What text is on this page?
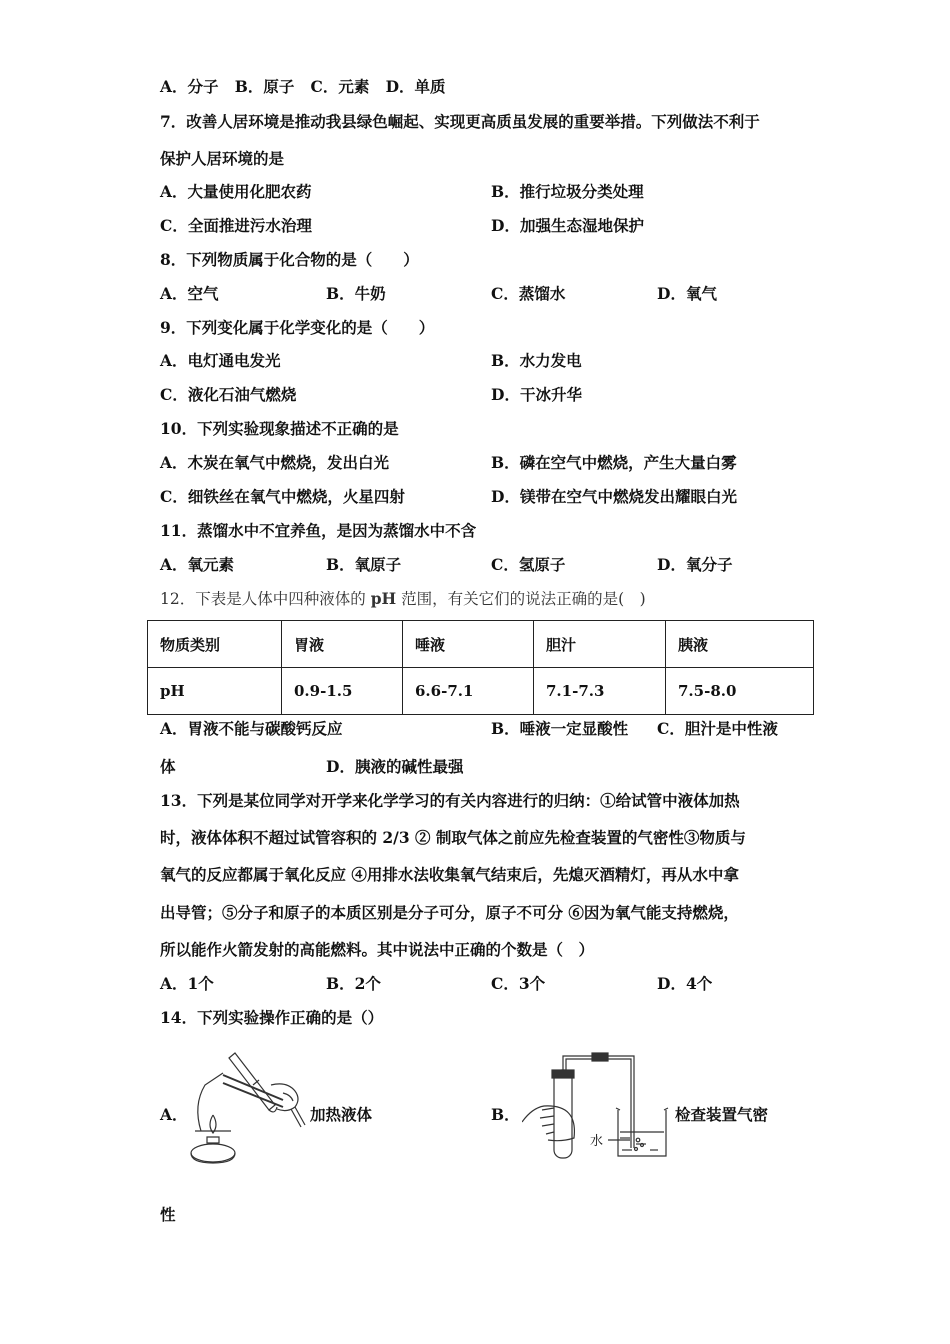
A．分子 B．原子 C．元素 D．单质
7．改善人居环境是推动我县绿色崛起、实现更高质虽发展的重要举措。下列做法不利于
保护人居环境的是
A．大量使用化肥农药	B．推行垃圾分类处理
C．全面推进污水治理	D．加强生态湿地保护
8．下列物质属于化合物的是（　　）
A．空气	B．牛奶	C．蒸馏水	D．氧气
9．下列变化属于化学变化的是（　　）
A．电灯通电发光	B．水力发电
C．液化石油气燃烧	D．干冰升华
10．下列实验现象描述不正确的是
A．木炭在氧气中燃烧，发出白光	B．磷在空气中燃烧，产生大量白雾
C．细铁丝在氧气中燃烧，火星四射	D．镁带在空气中燃烧发出耀眼白光
11．蒸馏水中不宜养鱼，是因为蒸馏水中不含
A．氧元素	B．氧原子	C．氢原子	D．氧分子
12．下表是人体中四种液体的 pH 范围，有关它们的说法正确的是(　)
物质类别	胃液	唾液	胆汁	胰液
pH	0.9-1.5	6.6-7.1	7.1-7.3	7.5-8.0
A．胃液不能与碳酸钙反应	B．唾液一定显酸性 C．胆汁是中性液
体	D．胰液的碱性最强
13．下列是某位同学对开学来化学学习的有关内容进行的归纳：①给试管中液体加热
时，液体体积不超过试管容积的 2/3 ② 制取气体之前应先检查装置的气密性③物质与
氧气的反应都属于氧化反应 ④用排水法收集氧气结束后，先熄灭酒精灯，再从水中拿
出导管；⑤分子和原子的本质区别是分子可分，原子不可分 ⑥因为氧气能支持燃烧，
所以能作火箭发射的高能燃料。其中说法中正确的个数是（　）
A．1个	B．2个	C．3个	D．4个
14．下列实验操作正确的是（）
A．	加热液体	B．	检查装置气密
性
水
